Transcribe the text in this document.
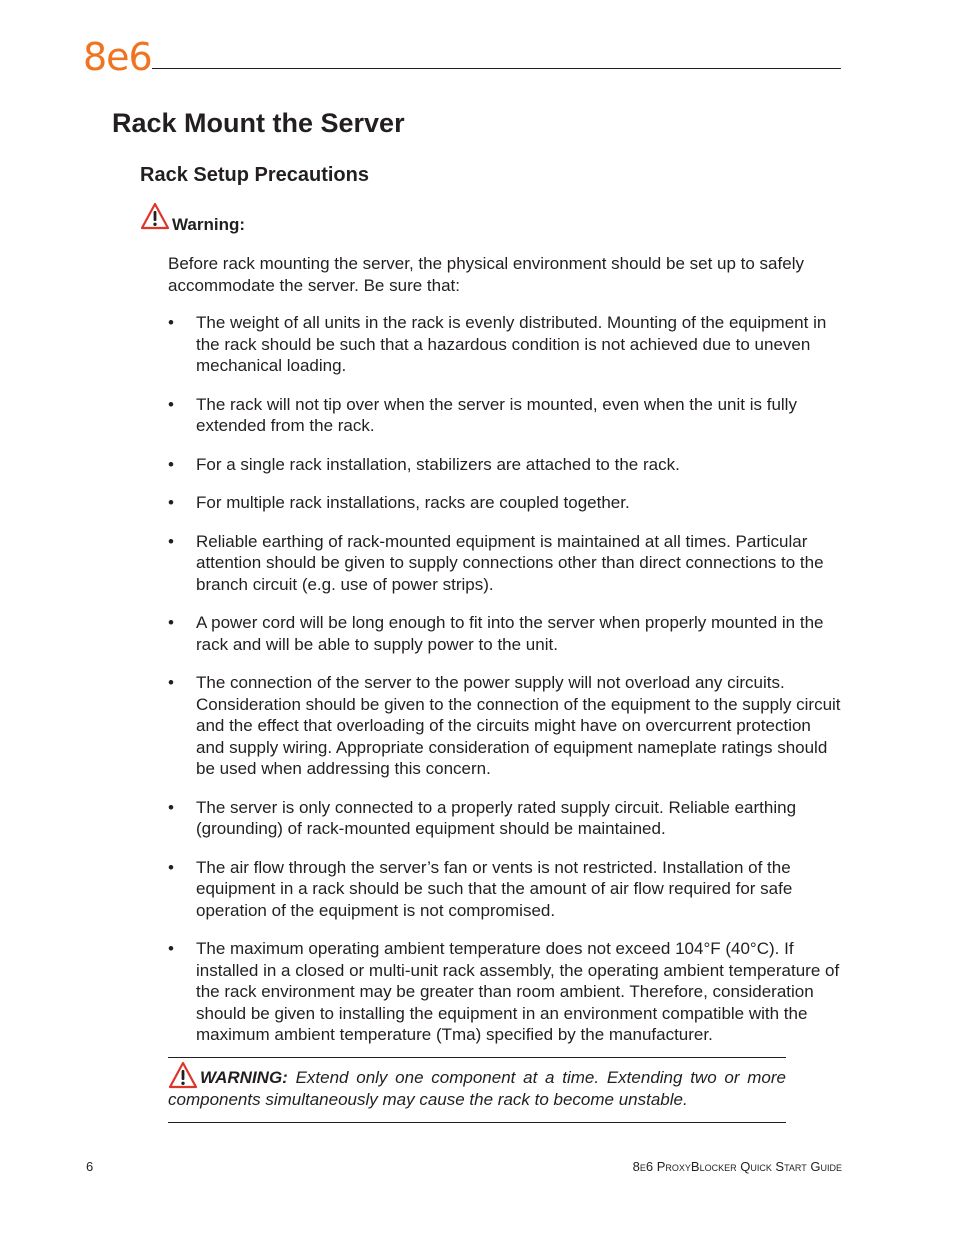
8e6
Rack Mount the Server
Rack Setup Precautions
Warning:

Before rack mounting the server, the physical environment should be set up to safely accommodate the server. Be sure that:

• The weight of all units in the rack is evenly distributed. Mounting of the equipment in the rack should be such that a hazardous condition is not achieved due to uneven mechanical loading.
• The rack will not tip over when the server is mounted, even when the unit is fully extended from the rack.
• For a single rack installation, stabilizers are attached to the rack.
• For multiple rack installations, racks are coupled together.
• Reliable earthing of rack-mounted equipment is maintained at all times. Particular attention should be given to supply connections other than direct connections to the branch circuit (e.g. use of power strips).
• A power cord will be long enough to fit into the server when properly mounted in the rack and will be able to supply power to the unit.
• The connection of the server to the power supply will not overload any circuits. Consideration should be given to the connection of the equipment to the supply circuit and the effect that overloading of the circuits might have on overcurrent protection and supply wiring. Appropriate consideration of equipment nameplate ratings should be used when addressing this concern.
• The server is only connected to a properly rated supply circuit. Reliable earthing (grounding) of rack-mounted equipment should be maintained.
• The air flow through the server’s fan or vents is not restricted. Installation of the equipment in a rack should be such that the amount of air flow required for safe operation of the equipment is not compromised.
• The maximum operating ambient temperature does not exceed 104°F (40°C). If installed in a closed or multi-unit rack assembly, the operating ambient temperature of the rack environment may be greater than room ambient. Therefore, consideration should be given to installing the equipment in an environment compatible with the maximum ambient temperature (Tma) specified by the manufacturer.

WARNING: Extend only one component at a time. Extending two or more components simultaneously may cause the rack to become unstable.

6	8e6 ProxyBlocker Quick Start Guide
